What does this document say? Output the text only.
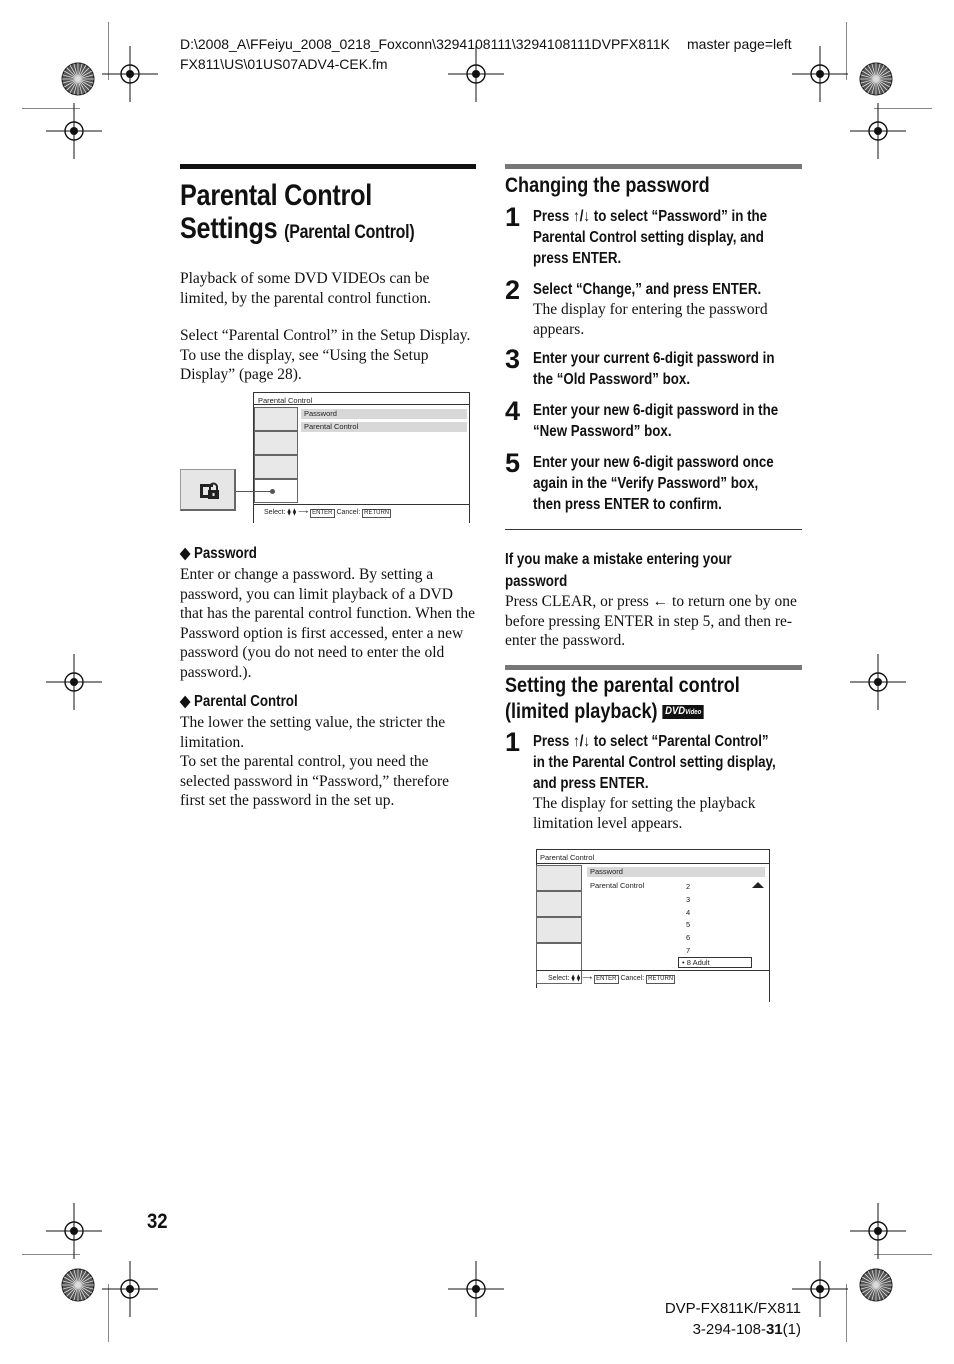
D:\2008_A\FFeiyu_2008_0218_Foxconn\3294108111\3294108111DVPFX811K
FX811\US\01US07ADV4-CEK.fm
master page=left
Parental Control
Settings (Parental Control)

Playback of some DVD VIDEOs can be limited, by the parental control function.

Select “Parental Control” in the Setup Display. To use the display, see “Using the Setup Display” (page 28).

Parental Control
Password
Parental Control
Select: ⧫ ⧫ ⟶ ENTER Cancel: RETURN
◆ Password
Enter or change a password. By setting a password, you can limit playback of a DVD that has the parental control function. When the Password option is first accessed, enter a new password (you do not need to enter the old password.).
◆ Parental Control
The lower the setting value, the stricter the limitation.
To set the parental control, you need the selected password in “Password,” therefore first set the password in the set up.
Changing the password
1 Press ↑/↓ to select “Password” in the
Parental Control setting display, and
press ENTER.
2 Select “Change,” and press ENTER.
The display for entering the password appears.
3 Enter your current 6-digit password in
the “Old Password” box.
4 Enter your new 6-digit password in the
“New Password” box.
5 Enter your new 6-digit password once
again in the “Verify Password” box,
then press ENTER to confirm.
If you make a mistake entering your
password
Press CLEAR, or press ← to return one by one before pressing ENTER in step 5, and then re-enter the password.
Setting the parental control
(limited playback) DVDVideo
1 Press ↑/↓ to select “Parental Control”
in the Parental Control setting display,
and press ENTER.
The display for setting the playback limitation level appears.
Parental Control
Password
Parental Control	2
3
4
5
6
7
• 8 Adult
Select: ⧫ ⧫ ⟶ ENTER Cancel: RETURN
32
DVP-FX811K/FX811
3-294-108-31(1)
